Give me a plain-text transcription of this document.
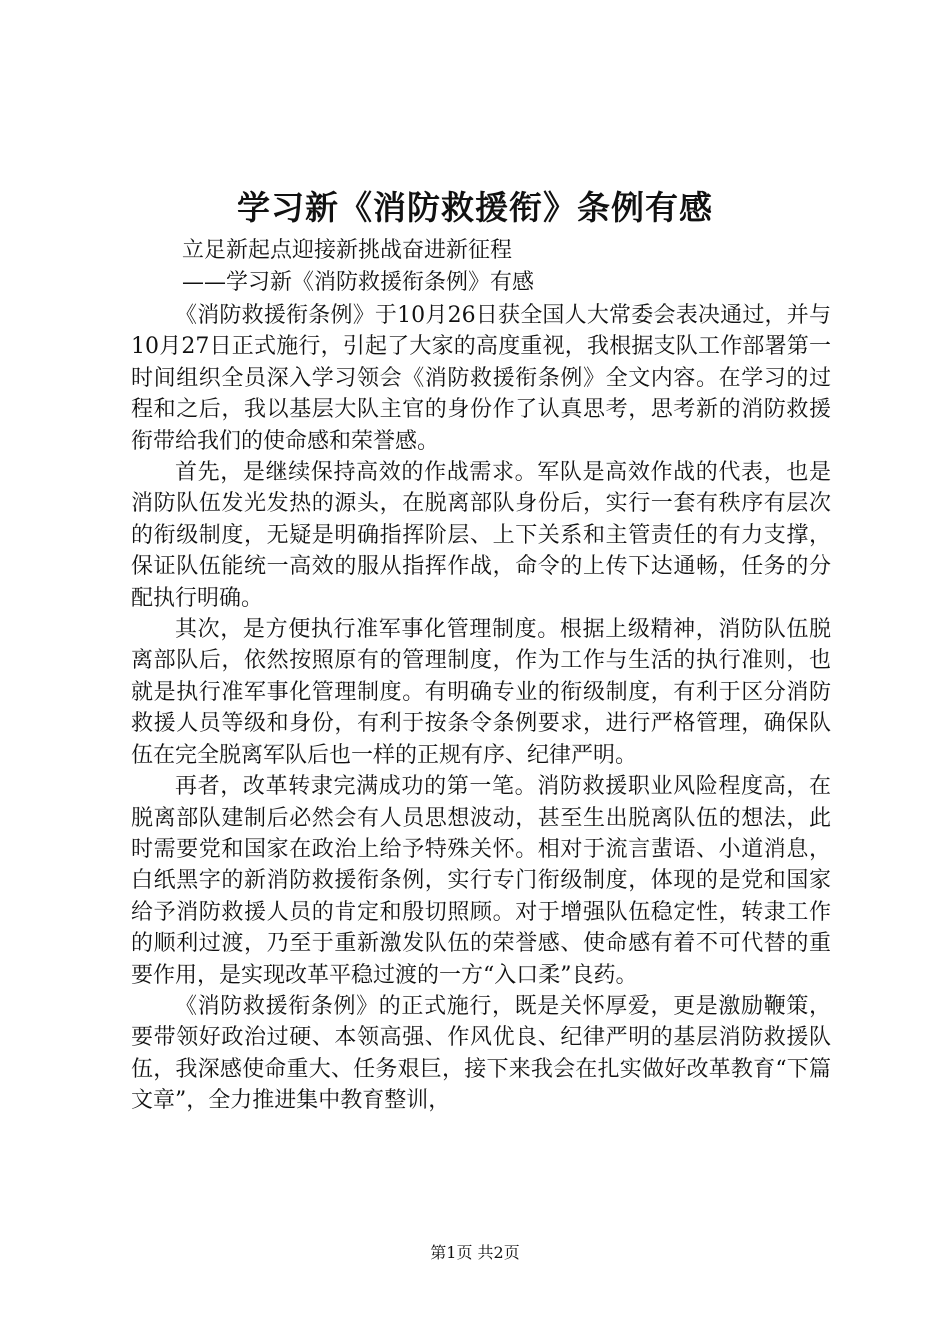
学习新《消防救援衔》条例有感
立足新起点迎接新挑战奋进新征程
——学习新《消防救援衔条例》有感

《消防救援衔条例》于10月26日获全国人大常委会表决通过，并与10月27日正式施行，引起了大家的高度重视，我根据支队工作部署第一时间组织全员深入学习领会《消防救援衔条例》全文内容。在学习的过程和之后，我以基层大队主官的身份作了认真思考，思考新的消防救援衔带给我们的使命感和荣誉感。

首先，是继续保持高效的作战需求。军队是高效作战的代表，也是消防队伍发光发热的源头，在脱离部队身份后，实行一套有秩序有层次的衔级制度，无疑是明确指挥阶层、上下关系和主管责任的有力支撑，保证队伍能统一高效的服从指挥作战，命令的上传下达通畅，任务的分配执行明确。

其次，是方便执行准军事化管理制度。根据上级精神，消防队伍脱离部队后，依然按照原有的管理制度，作为工作与生活的执行准则，也就是执行准军事化管理制度。有明确专业的衔级制度，有利于区分消防救援人员等级和身份，有利于按条令条例要求，进行严格管理，确保队伍在完全脱离军队后也一样的正规有序、纪律严明。

再者，改革转隶完满成功的第一笔。消防救援职业风险程度高，在脱离部队建制后必然会有人员思想波动，甚至生出脱离队伍的想法，此时需要党和国家在政治上给予特殊关怀。相对于流言蜚语、小道消息，白纸黑字的新消防救援衔条例，实行专门衔级制度，体现的是党和国家给予消防救援人员的肯定和殷切照顾。对于增强队伍稳定性，转隶工作的顺利过渡，乃至于重新激发队伍的荣誉感、使命感有着不可代替的重要作用，是实现改革平稳过渡的一方“入口柔”良药。

《消防救援衔条例》的正式施行，既是关怀厚爱，更是激励鞭策，要带领好政治过硬、本领高强、作风优良、纪律严明的基层消防救援队伍，我深感使命重大、任务艰巨，接下来我会在扎实做好改革教育“下篇文章”，全力推进集中教育整训，

第1页 共2页
